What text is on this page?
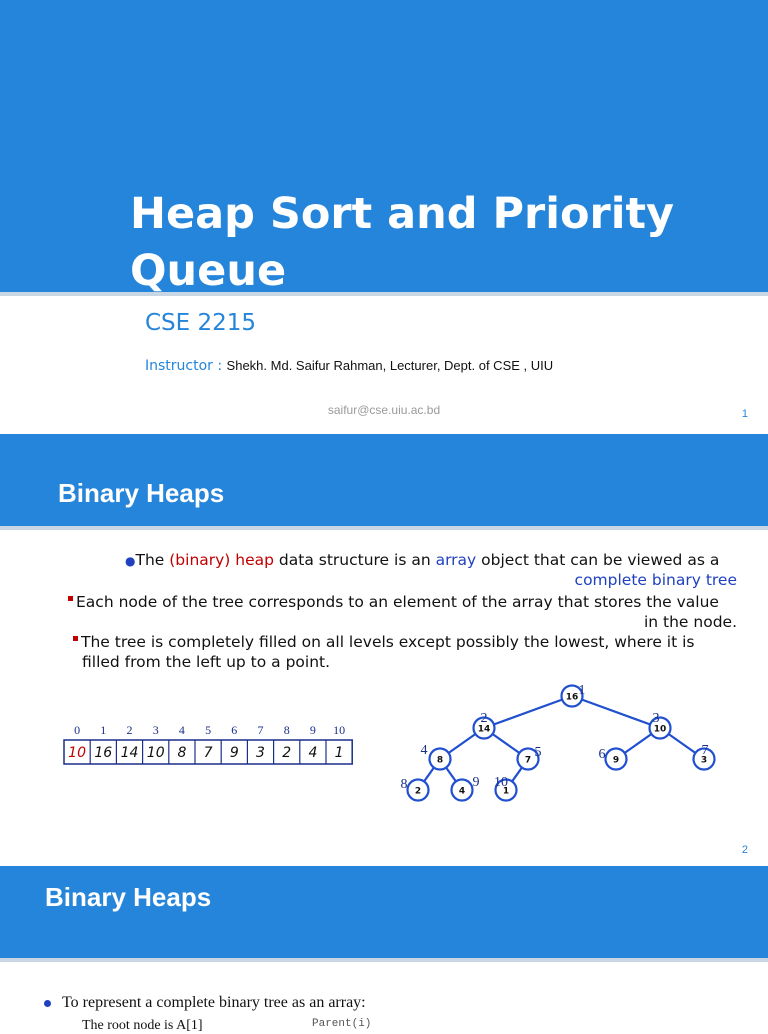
Heap Sort and Priority Queue
CSE 2215
Instructor : Shekh. Md. Saifur Rahman, Lecturer, Dept. of CSE , UIU
saifur@cse.uiu.ac.bd	1
Binary Heaps
●The (binary) heap data structure is an array object that can be viewed as a
complete binary tree
Each node of the tree corresponds to an element of the array that stores the value
in the node.
The tree is completely filled on all levels except possibly the lowest, where it is
filled from the left up to a point.
0 1 2 3 4 5 6 7 8 9 10
10 16 14 10 8 7 9 3 2 4 1
16 1
14
2
10
3
8
4
7
5
9
6	3
7
2
8	4
9
1
10
2
Binary Heaps
To represent a complete binary tree as an array:
The root node is A[1]	Parent(i)
